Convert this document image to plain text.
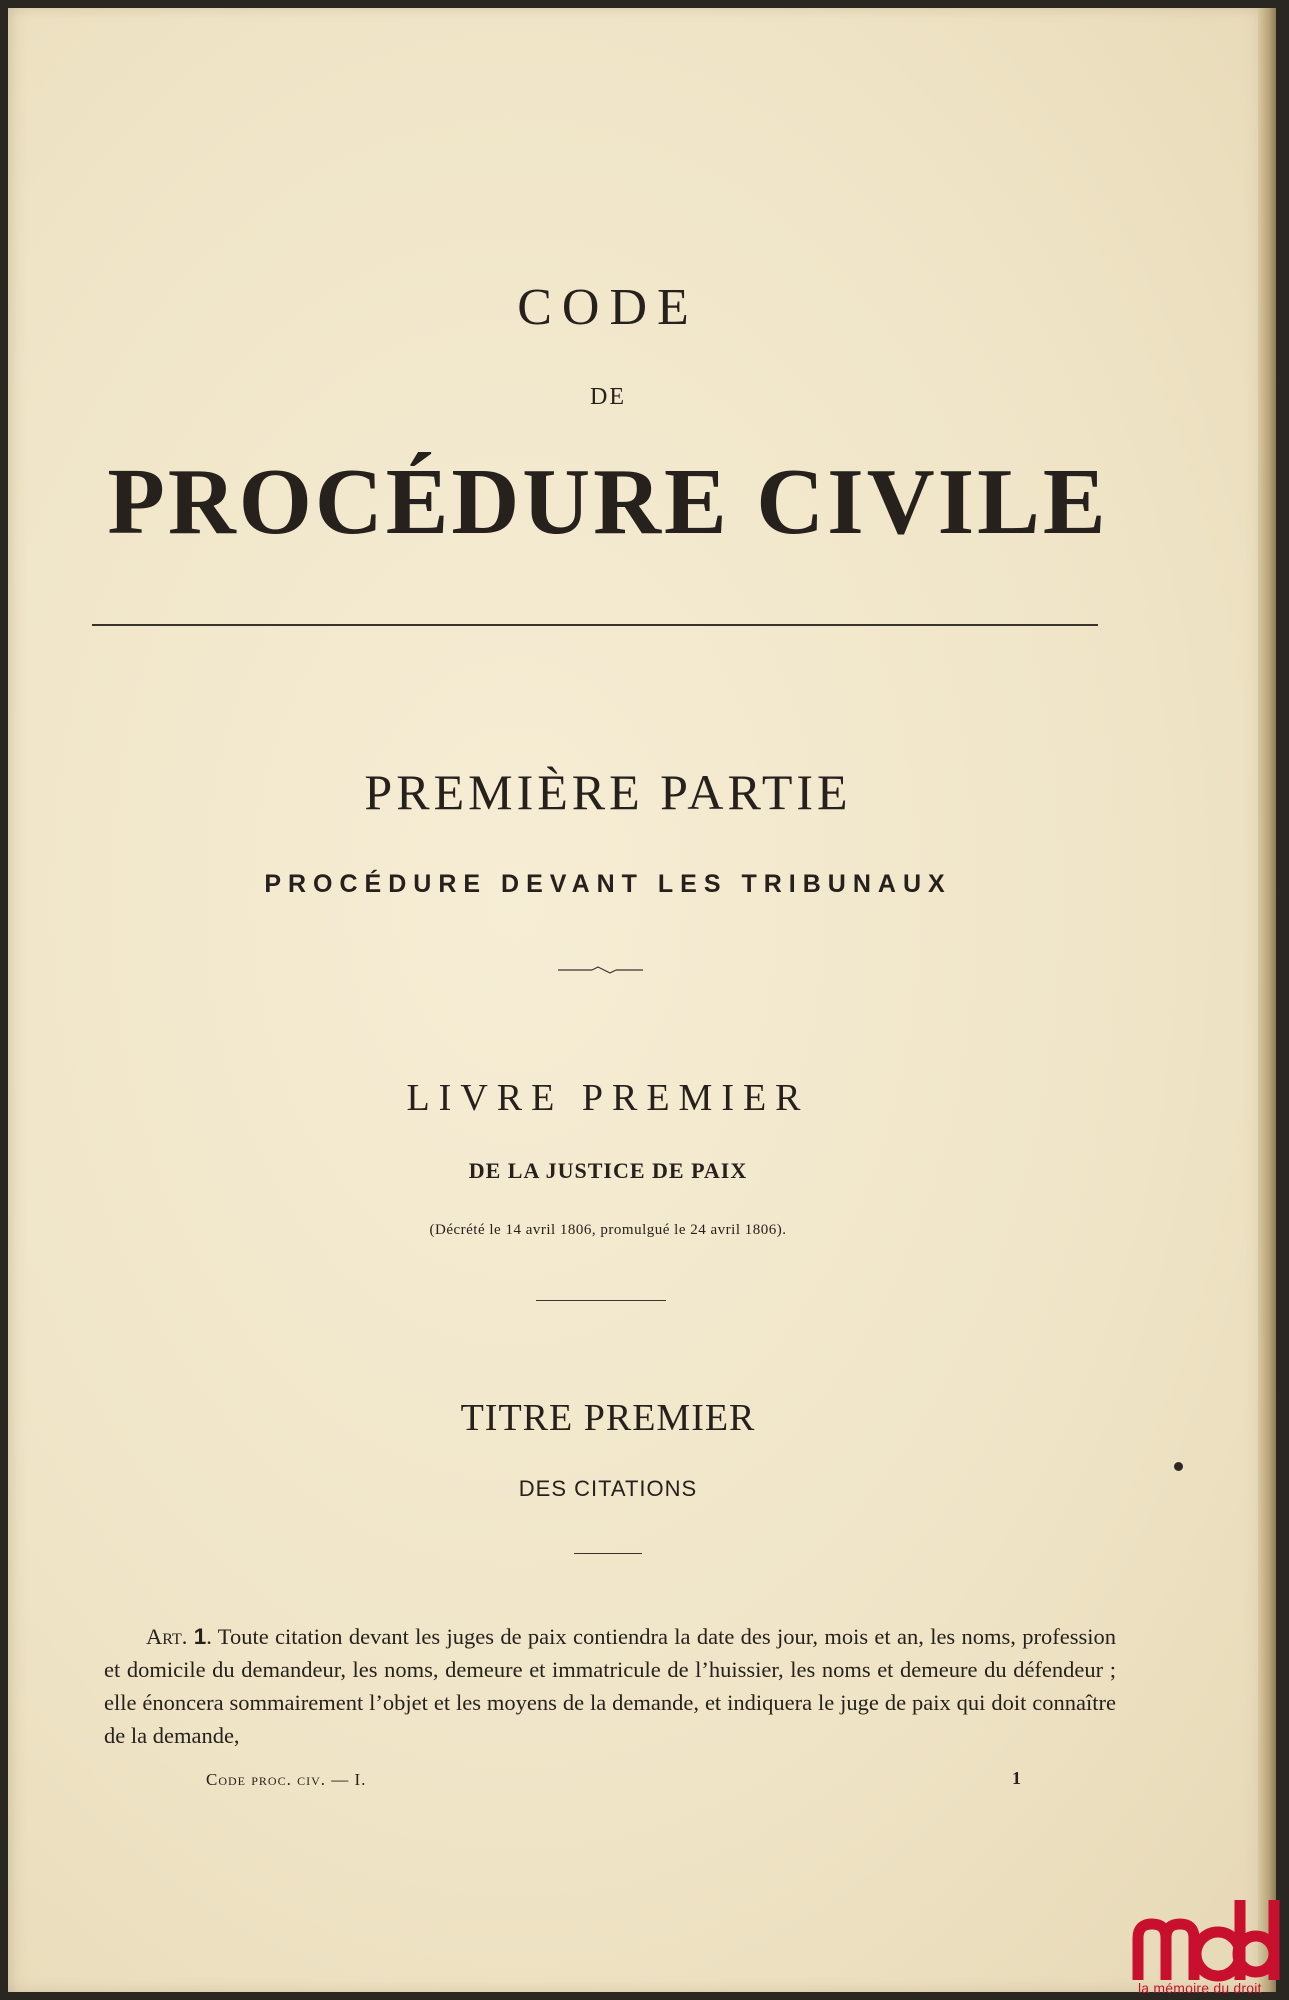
CODE
DE
PROCÉDURE CIVILE
PREMIÈRE PARTIE
PROCÉDURE DEVANT LES TRIBUNAUX
LIVRE PREMIER
DE LA JUSTICE DE PAIX
(Décrété le 14 avril 1806, promulgué le 24 avril 1806).
TITRE PREMIER
DES CITATIONS

Art. 1. Toute citation devant les juges de paix contiendra la date des jour, mois et an, les noms, profession et domicile du demandeur, les noms, demeure et immatricule de l’huissier, les noms et demeure du défendeur ; elle énoncera sommairement l’objet et les moyens de la demande, et indiquera le juge de paix qui doit connaître de la demande,

Code proc. civ. — I.	1
la mémoire du droit
